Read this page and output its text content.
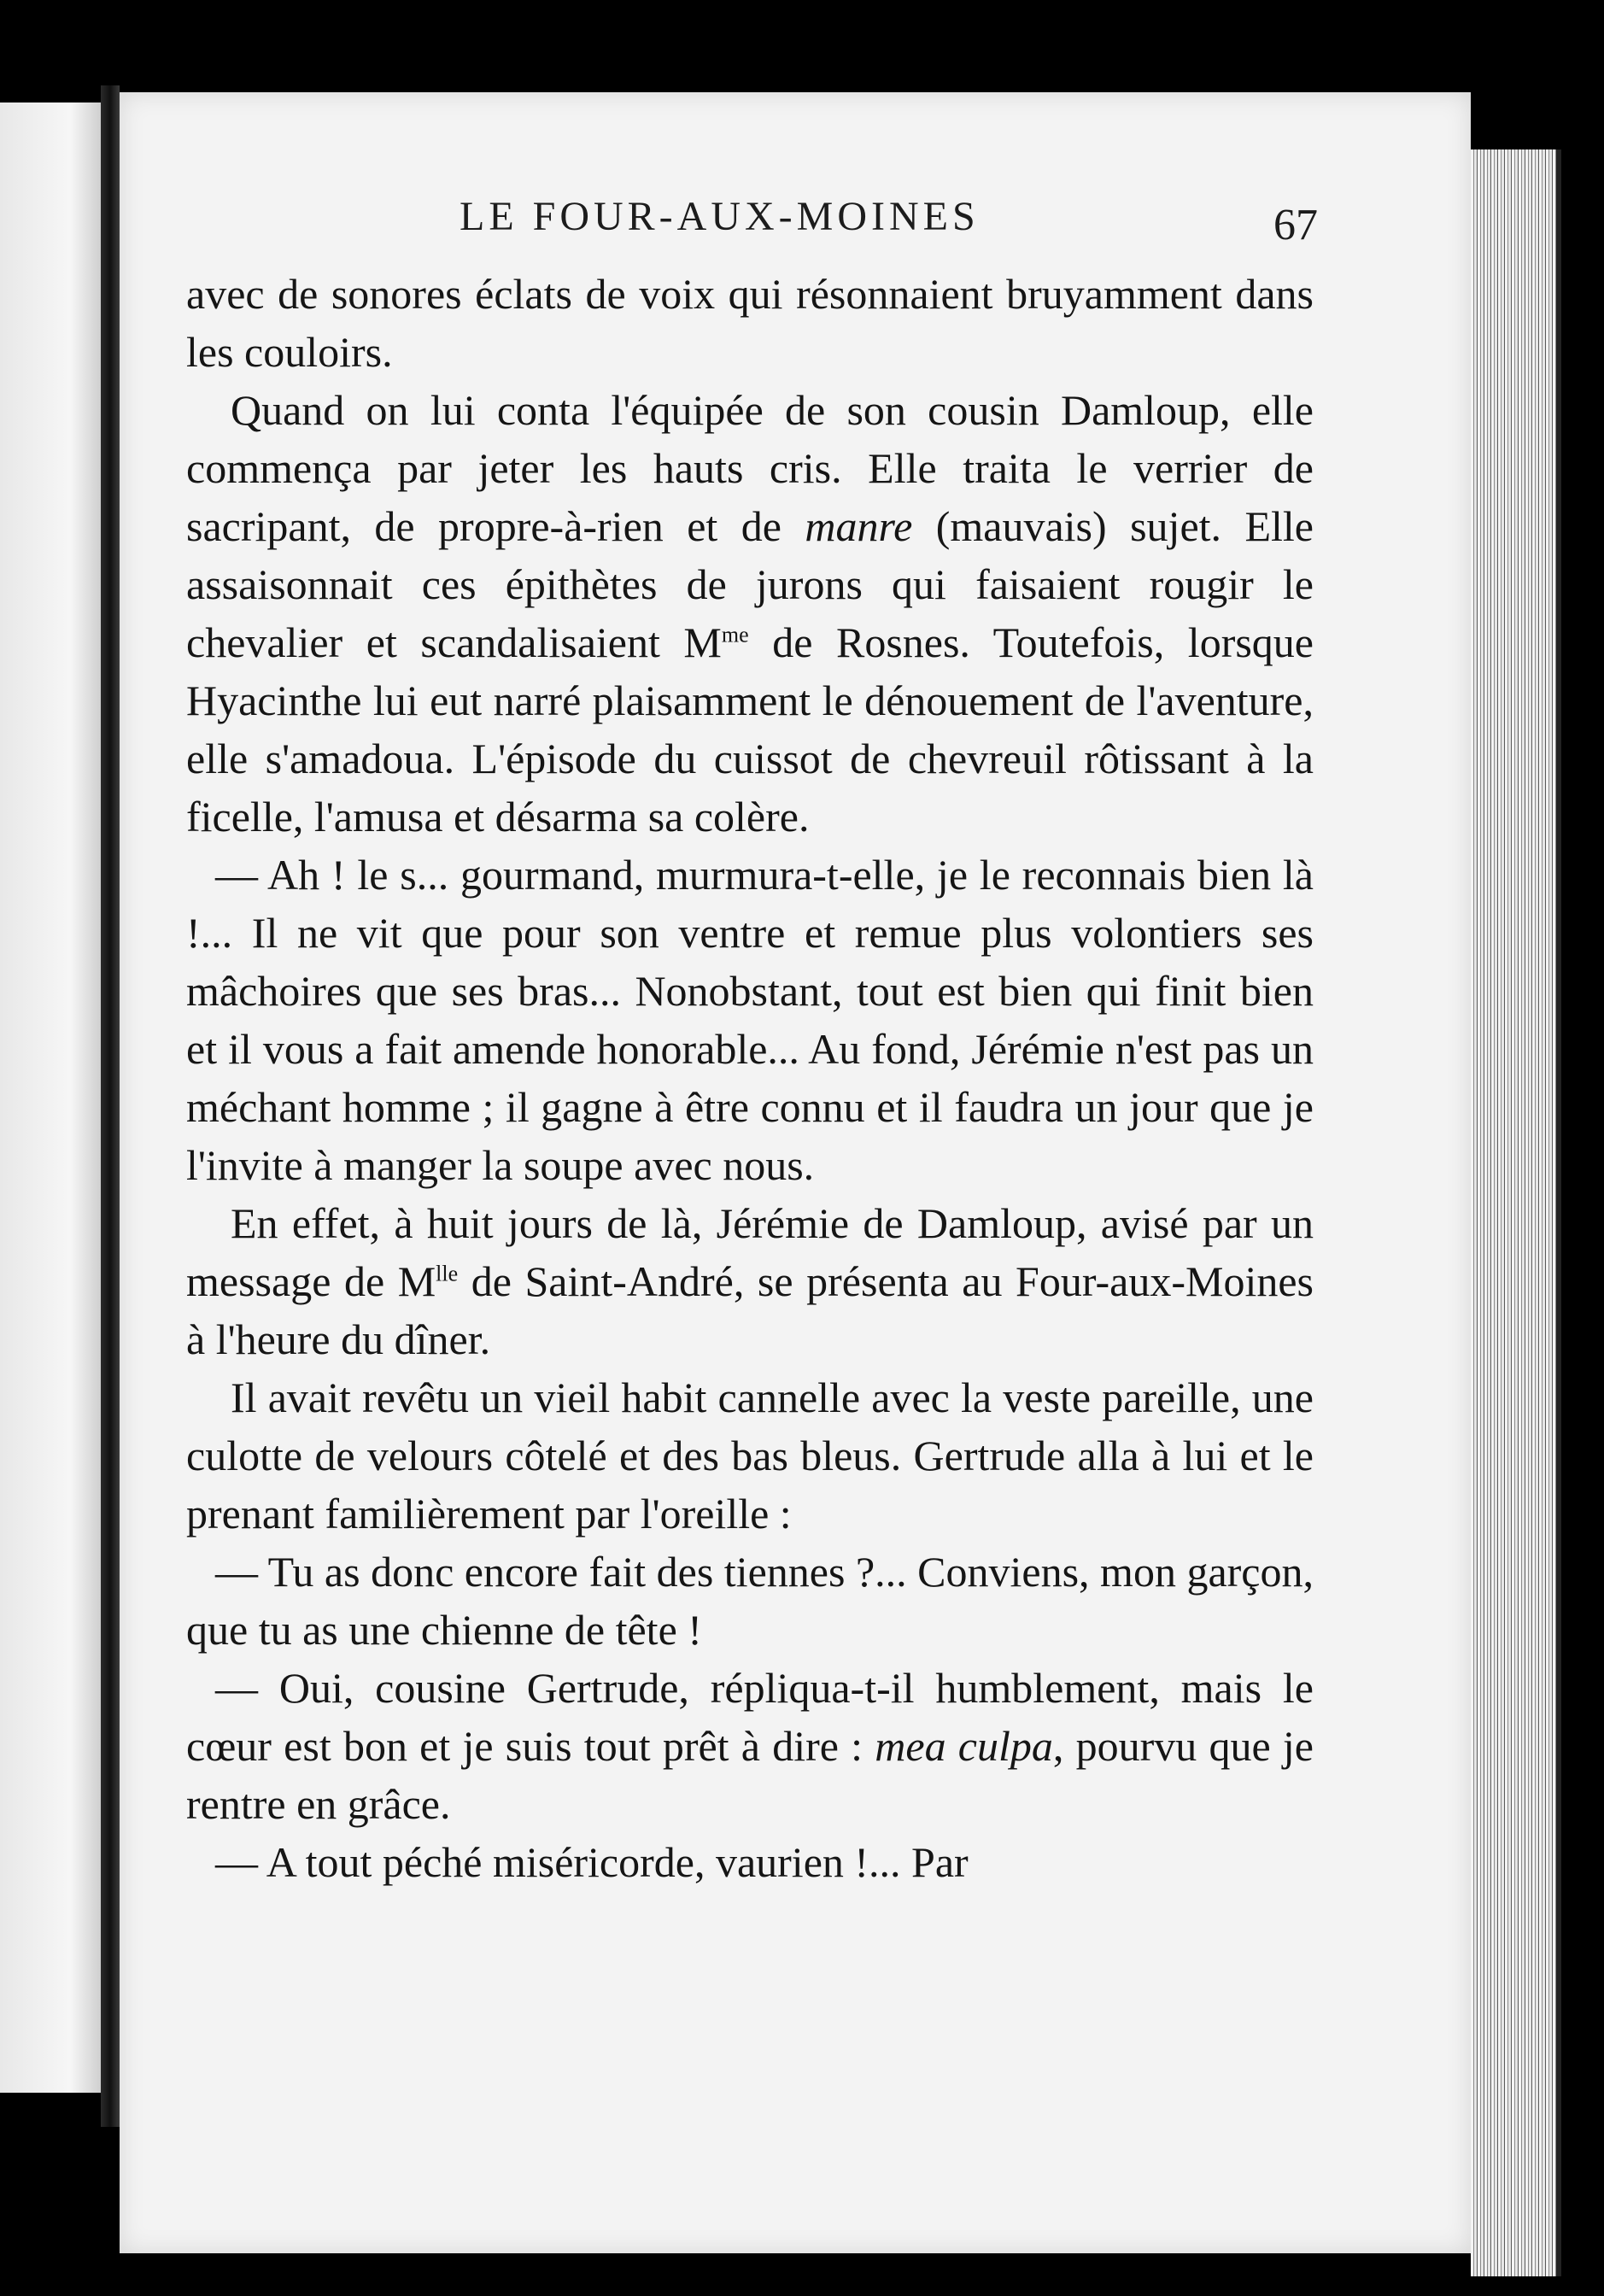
LE FOUR-AUX-MOINES	67

avec de sonores éclats de voix qui résonnaient bruyamment dans les couloirs.

Quand on lui conta l'équipée de son cousin Damloup, elle commença par jeter les hauts cris. Elle traita le verrier de sacripant, de propre-à-rien et de manre (mauvais) sujet. Elle assaisonnait ces épithètes de jurons qui faisaient rougir le chevalier et scandalisaient $M^{me}$ de Rosnes. Toutefois, lorsque Hyacinthe lui eut narré plaisamment le dénouement de l'aventure, elle s'amadoua. L'épisode du cuissot de chevreuil rôtissant à la ficelle, l'amusa et désarma sa colère.

— Ah ! le s... gourmand, murmura-t-elle, je le reconnais bien là !... Il ne vit que pour son ventre et remue plus volontiers ses mâchoires que ses bras... Nonobstant, tout est bien qui finit bien et il vous a fait amende honorable... Au fond, Jérémie n'est pas un méchant homme ; il gagne à être connu et il faudra un jour que je l'invite à manger la soupe avec nous.

En effet, à huit jours de là, Jérémie de Damloup, avisé par un message de $M^{lle}$ de Saint-André, se présenta au Four-aux-Moines à l'heure du dîner.

Il avait revêtu un vieil habit cannelle avec la veste pareille, une culotte de velours côtelé et des bas bleus. Gertrude alla à lui et le prenant familièrement par l'oreille :

— Tu as donc encore fait des tiennes ?... Conviens, mon garçon, que tu as une chienne de tête !

— Oui, cousine Gertrude, répliqua-t-il humblement, mais le cœur est bon et je suis tout prêt à dire : mea culpa, pourvu que je rentre en grâce.

— A tout péché miséricorde, vaurien !... Par
